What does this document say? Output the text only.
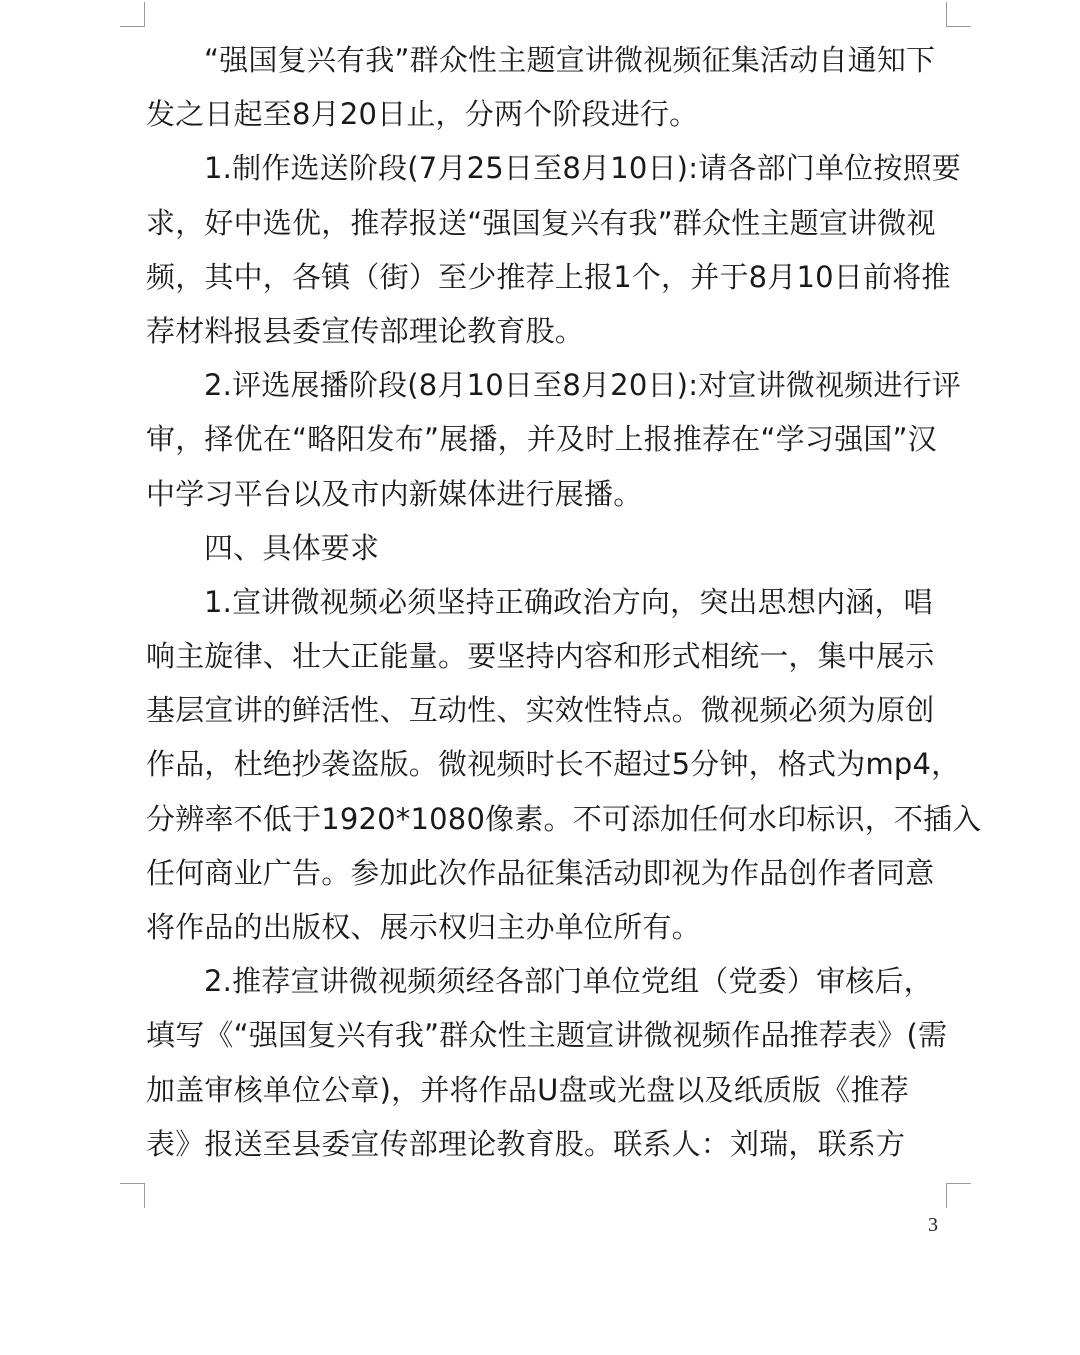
“强国复兴有我”群众性主题宣讲微视频征集活动自通知下
发之日起至8月20日止，分两个阶段进行。
1.制作选送阶段(7月25日至8月10日):请各部门单位按照要
求，好中选优，推荐报送“强国复兴有我”群众性主题宣讲微视
频，其中，各镇（街）至少推荐上报1个，并于8月10日前将推
荐材料报县委宣传部理论教育股。
2.评选展播阶段(8月10日至8月20日):对宣讲微视频进行评
审，择优在“略阳发布”展播，并及时上报推荐在“学习强国”汉
中学习平台以及市内新媒体进行展播。
四、具体要求
1.宣讲微视频必须坚持正确政治方向，突出思想内涵，唱
响主旋律、壮大正能量。要坚持内容和形式相统一，集中展示
基层宣讲的鲜活性、互动性、实效性特点。微视频必须为原创
作品，杜绝抄袭盗版。微视频时长不超过5分钟，格式为mp4，
分辨率不低于1920*1080像素。不可添加任何水印标识，不插入
任何商业广告。参加此次作品征集活动即视为作品创作者同意
将作品的出版权、展示权归主办单位所有。
2.推荐宣讲微视频须经各部门单位党组（党委）审核后，
填写《“强国复兴有我”群众性主题宣讲微视频作品推荐表》(需
加盖审核单位公章)，并将作品U盘或光盘以及纸质版《推荐
表》报送至县委宣传部理论教育股。联系人：刘瑞，联系方
3
